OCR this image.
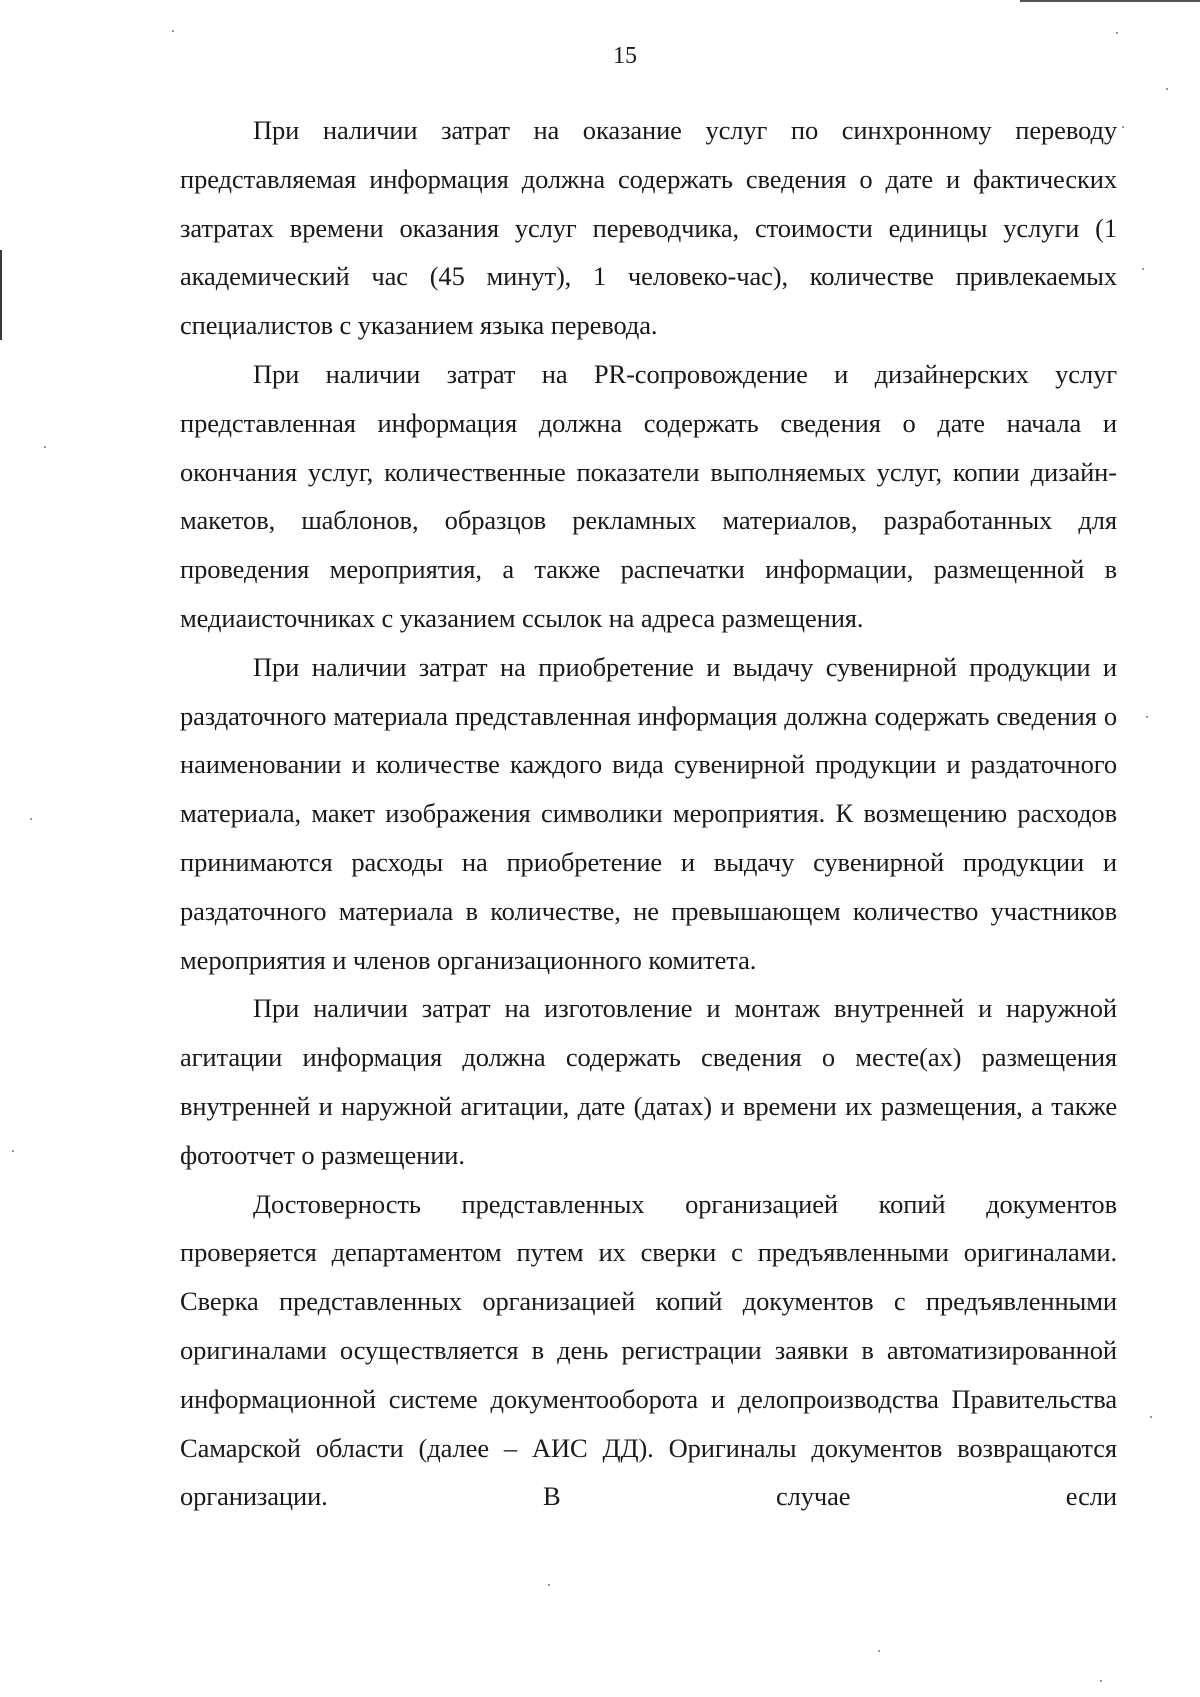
15

При наличии затрат на оказание услуг по синхронному переводу представляемая информация должна содержать сведения о дате и фактических затратах времени оказания услуг переводчика, стоимости единицы услуги (1 академический час (45 минут), 1 человеко-час), количестве привлекаемых специалистов с указанием языка перевода.

При наличии затрат на PR-сопровождение и дизайнерских услуг представленная информация должна содержать сведения о дате начала и окончания услуг, количественные показатели выполняемых услуг, копии дизайн-макетов, шаблонов, образцов рекламных материалов, разработанных для проведения мероприятия, а также распечатки информации, размещенной в медиаисточниках с указанием ссылок на адреса размещения.

При наличии затрат на приобретение и выдачу сувенирной продукции и раздаточного материала представленная информация должна содержать сведения о наименовании и количестве каждого вида сувенирной продукции и раздаточного материала, макет изображения символики мероприятия. К возмещению расходов принимаются расходы на приобретение и выдачу сувенирной продукции и раздаточного материала в количестве, не превышающем количество участников мероприятия и членов организационного комитета.

При наличии затрат на изготовление и монтаж внутренней и наружной агитации информация должна содержать сведения о месте(ах) размещения внутренней и наружной агитации, дате (датах) и времени их размещения, а также фотоотчет о размещении.

Достоверность представленных организацией копий документов проверяется департаментом путем их сверки с предъявленными оригиналами. Сверка представленных организацией копий документов с предъявленными оригиналами осуществляется в день регистрации заявки в автоматизированной информационной системе документооборота и делопроизводства Правительства Самарской области (далее – АИС ДД). Оригиналы документов возвращаются организации. В случае если
